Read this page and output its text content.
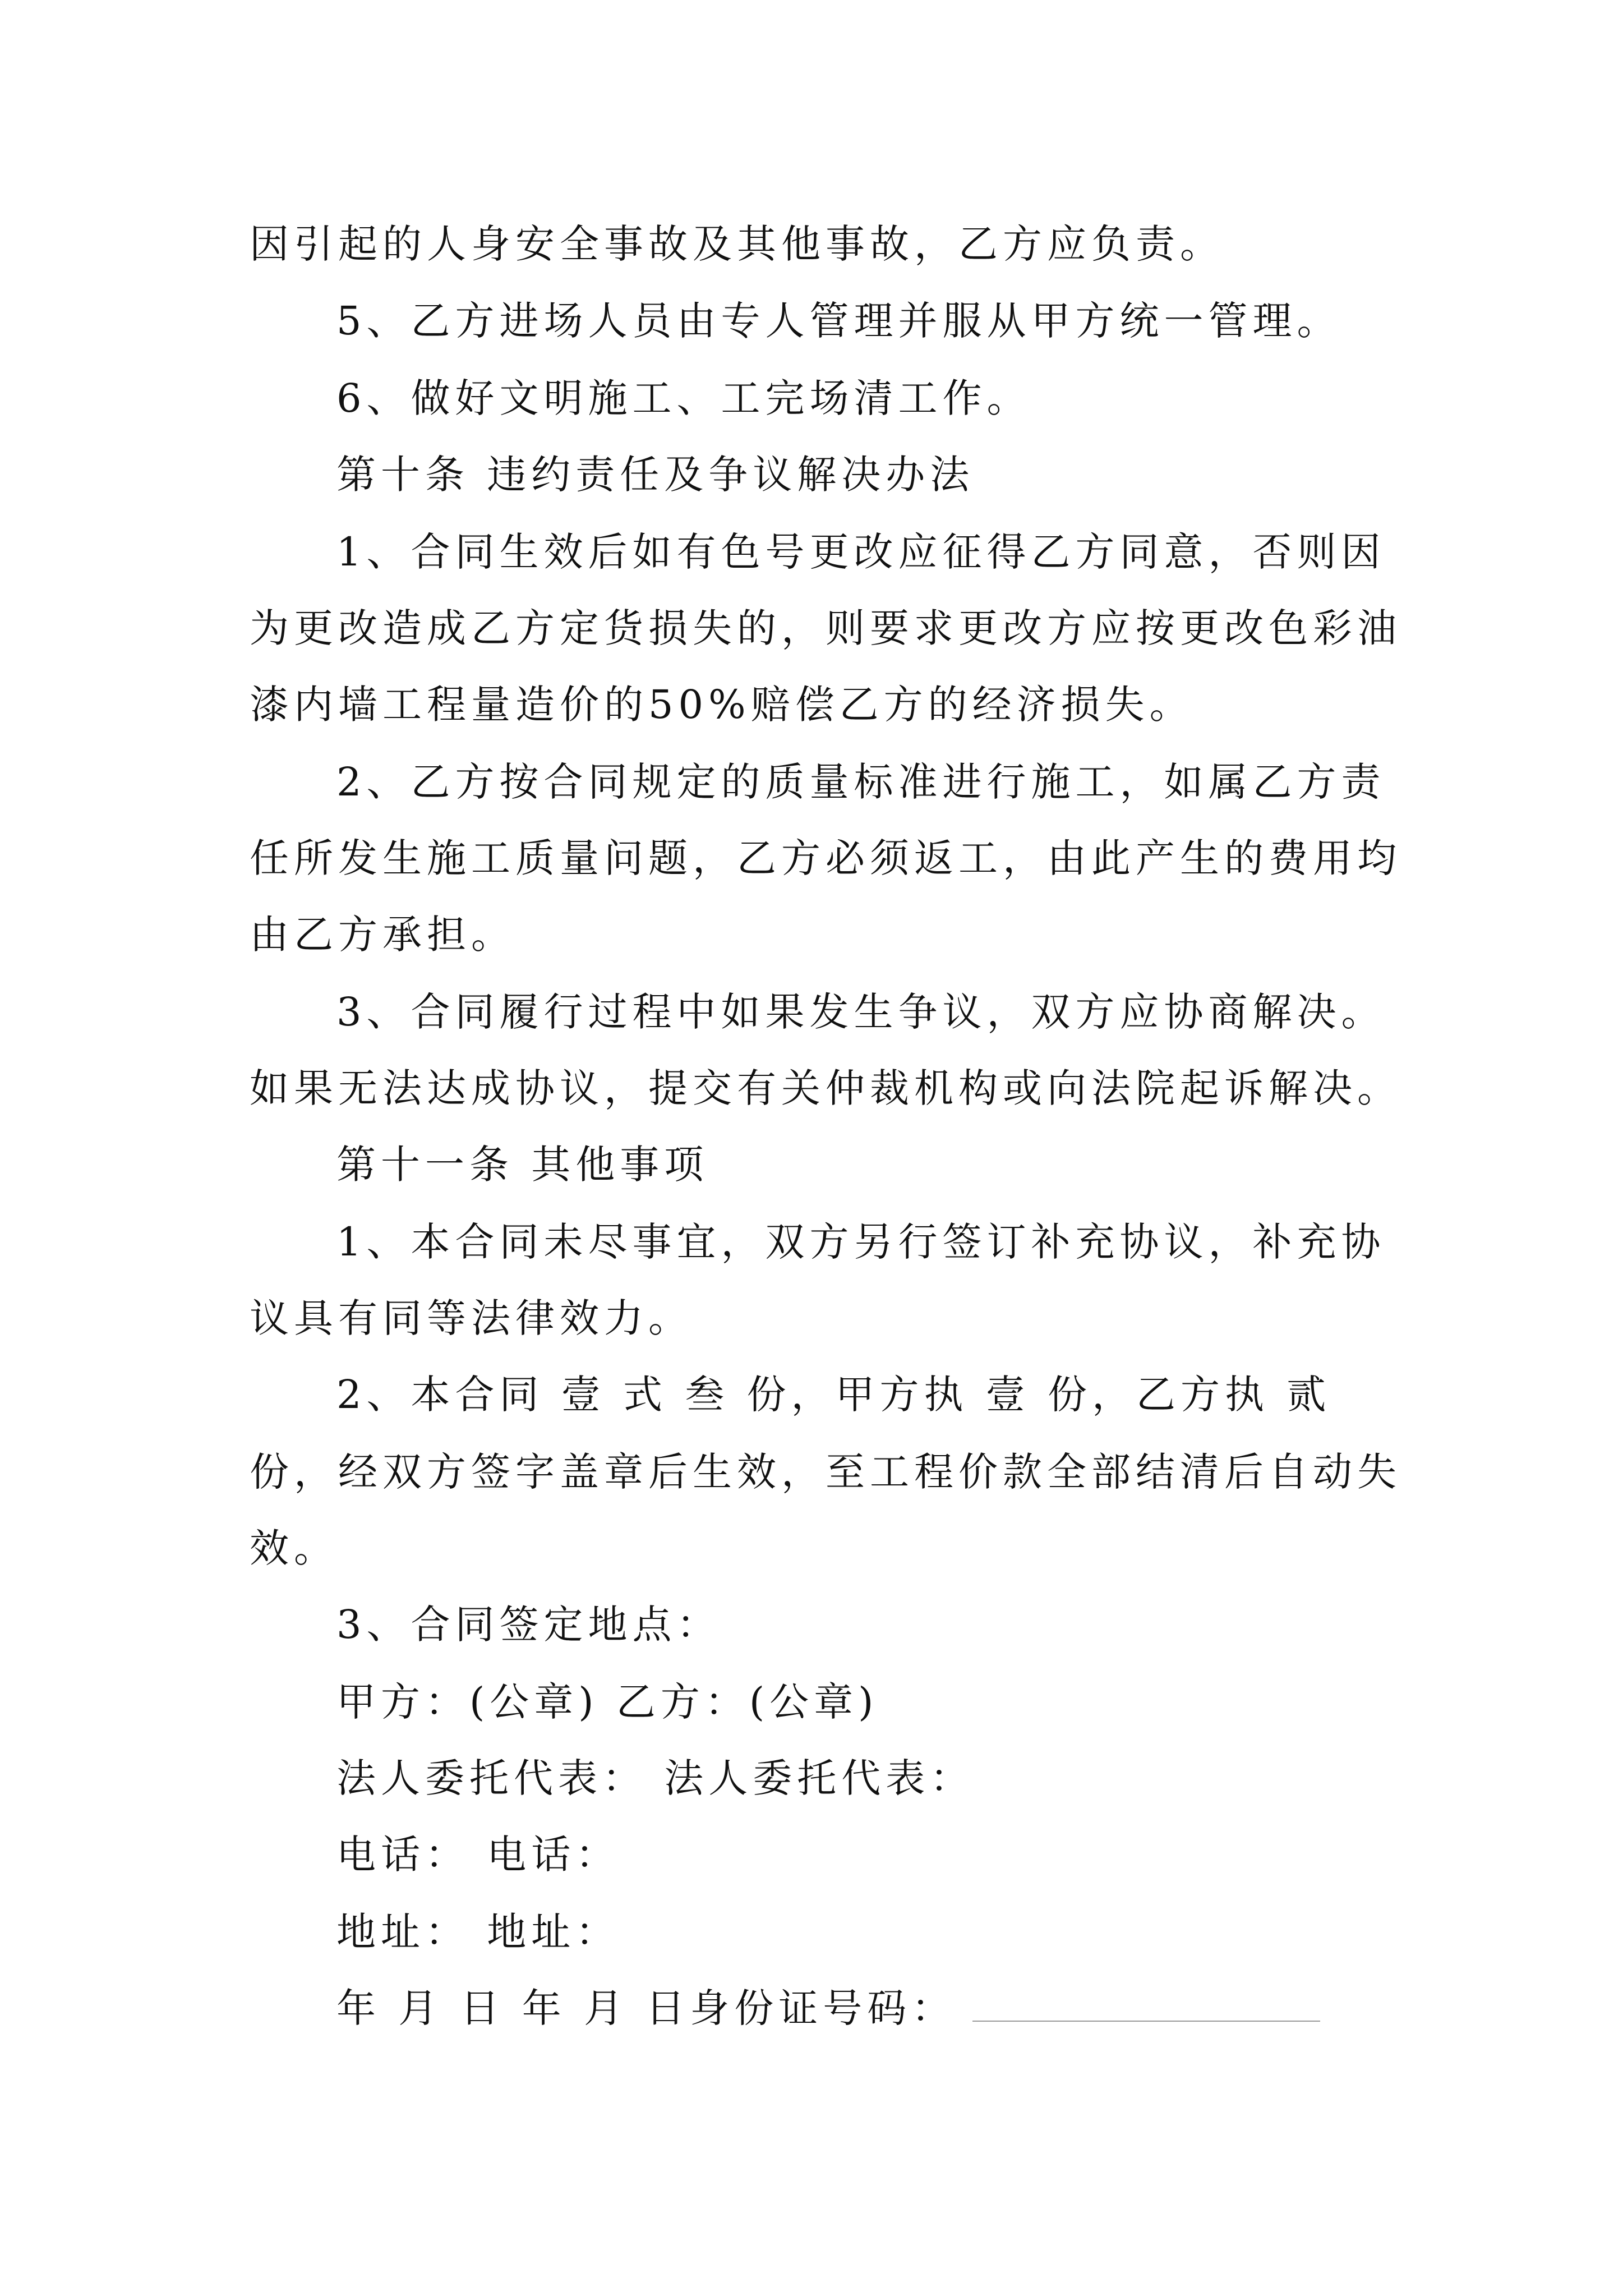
因引起的人身安全事故及其他事故，乙方应负责。

5、乙方进场人员由专人管理并服从甲方统一管理。

6、做好文明施工、工完场清工作。

第十条 违约责任及争议解决办法

1、合同生效后如有色号更改应征得乙方同意，否则因

为更改造成乙方定货损失的，则要求更改方应按更改色彩油

漆内墙工程量造价的50%赔偿乙方的经济损失。

2、乙方按合同规定的质量标准进行施工，如属乙方责

任所发生施工质量问题，乙方必须返工，由此产生的费用均

由乙方承担。

3、合同履行过程中如果发生争议，双方应协商解决。

如果无法达成协议，提交有关仲裁机构或向法院起诉解决。

第十一条 其他事项

1、本合同未尽事宜，双方另行签订补充协议，补充协

议具有同等法律效力。

2、本合同 壹 式 叁 份，甲方执 壹 份，乙方执 贰

份，经双方签字盖章后生效，至工程价款全部结清后自动失

效。

3、合同签定地点：

甲方：(公章) 乙方：(公章)

法人委托代表： 法人委托代表：

电话： 电话：

地址： 地址：

年 月 日 年 月 日身份证号码：
